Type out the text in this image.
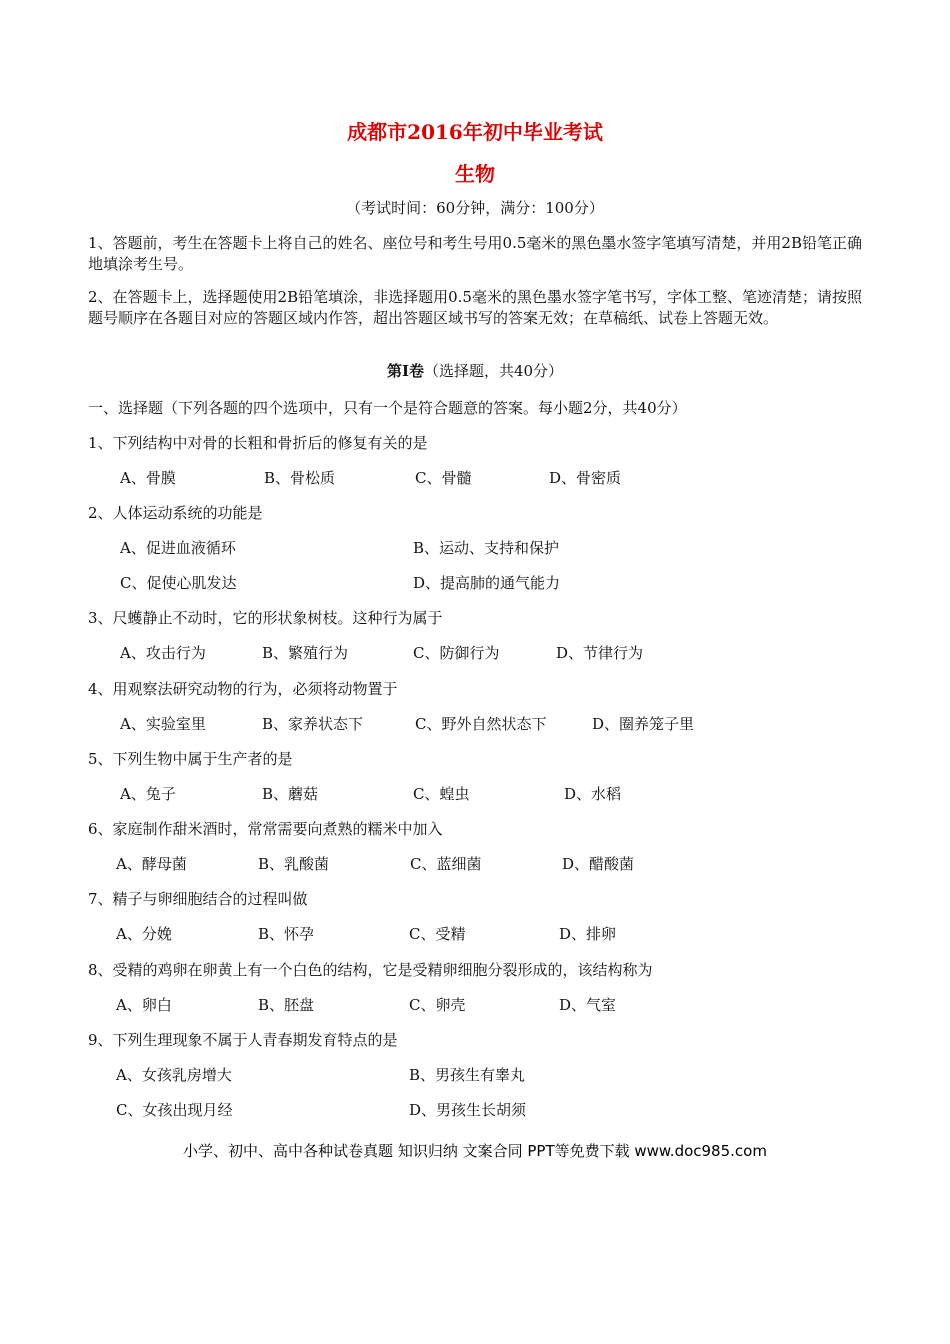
成都市2016年初中毕业考试
生物
（考试时间：60分钟，满分：100分）
1、答题前，考生在答题卡上将自己的姓名、座位号和考生号用0.5毫米的黑色墨水签字笔填写清楚，并用2B铅笔正确地填涂考生号。
2、在答题卡上，选择题使用2B铅笔填涂，非选择题用0.5毫米的黑色墨水签字笔书写，字体工整、笔迹清楚；请按照题号顺序在各题目对应的答题区域内作答，超出答题区域书写的答案无效；在草稿纸、试卷上答题无效。
第Ⅰ卷（选择题，共40分）
一、选择题（下列各题的四个选项中，只有一个是符合题意的答案。每小题2分，共40分）
1、下列结构中对骨的长粗和骨折后的修复有关的是
A、骨膜	B、骨松质	C、骨髓	D、骨密质
2、人体运动系统的功能是
A、促进血液循环	B、运动、支持和保护
C、促使心肌发达	D、提高肺的通气能力
3、尺蠖静止不动时，它的形状象树枝。这种行为属于
A、攻击行为	B、繁殖行为	C、防御行为	D、节律行为
4、用观察法研究动物的行为，必须将动物置于
A、实验室里	B、家养状态下	C、野外自然状态下	D、圈养笼子里
5、下列生物中属于生产者的是
A、兔子	B、蘑菇	C、蝗虫	D、水稻
6、家庭制作甜米酒时，常常需要向煮熟的糯米中加入
A、酵母菌	B、乳酸菌	C、蓝细菌	D、醋酸菌
7、精子与卵细胞结合的过程叫做
A、分娩	B、怀孕	C、受精	D、排卵
8、受精的鸡卵在卵黄上有一个白色的结构，它是受精卵细胞分裂形成的，该结构称为
A、卵白	B、胚盘	C、卵壳	D、气室
9、下列生理现象不属于人青春期发育特点的是
A、女孩乳房增大	B、男孩生有睾丸
C、女孩出现月经	D、男孩生长胡须
小学、初中、高中各种试卷真题 知识归纳 文案合同 PPT等免费下载 www.doc985.com
